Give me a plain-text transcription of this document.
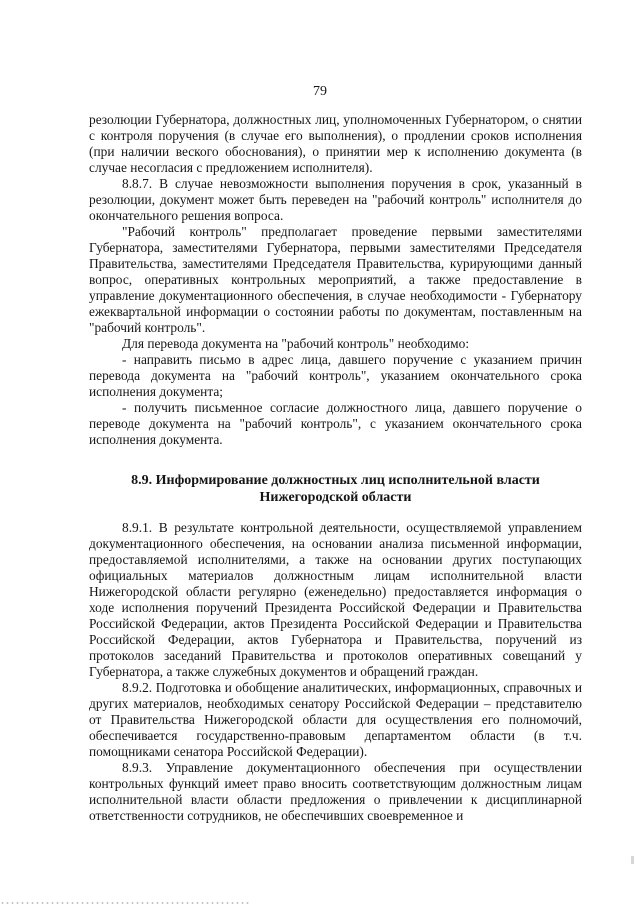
79

резолюции Губернатора, должностных лиц, уполномоченных Губернатором, о снятии с контроля поручения (в случае его выполнения), о продлении сроков исполнения (при наличии веского обоснования), о принятии мер к исполнению документа (в случае несогласия с предложением исполнителя).

8.8.7. В случае невозможности выполнения поручения в срок, указанный в резолюции, документ может быть переведен на "рабочий контроль" исполнителя до окончательного решения вопроса.

"Рабочий контроль" предполагает проведение первыми заместителями Губернатора, заместителями Губернатора, первыми заместителями Председателя Правительства, заместителями Председателя Правительства, курирующими данный вопрос, оперативных контрольных мероприятий, а также предоставление в управление документационного обеспечения, в случае необходимости - Губернатору ежеквартальной информации о состоянии работы по документам, поставленным на "рабочий контроль".

Для перевода документа на "рабочий контроль" необходимо:

- направить письмо в адрес лица, давшего поручение с указанием причин перевода документа на "рабочий контроль", указанием окончательного срока исполнения документа;

- получить письменное согласие должностного лица, давшего поручение о переводе документа на "рабочий контроль", с указанием окончательного срока исполнения документа.

8.9. Информирование должностных лиц исполнительной власти
Нижегородской области

8.9.1. В результате контрольной деятельности, осуществляемой управлением документационного обеспечения, на основании анализа письменной информации, предоставляемой исполнителями, а также на основании других поступающих официальных материалов должностным лицам исполнительной власти Нижегородской области регулярно (еженедельно) предоставляется информация о ходе исполнения поручений Президента Российской Федерации и Правительства Российской Федерации, актов Президента Российской Федерации и Правительства Российской Федерации, актов Губернатора и Правительства, поручений из протоколов заседаний Правительства и протоколов оперативных совещаний у Губернатора, а также служебных документов и обращений граждан.

8.9.2. Подготовка и обобщение аналитических, информационных, справочных и других материалов, необходимых сенатору Российской Федерации – представителю от Правительства Нижегородской области для осуществления его полномочий, обеспечивается государственно-правовым департаментом области (в т.ч. помощниками сенатора Российской Федерации).

8.9.3. Управление документационного обеспечения при осуществлении контрольных функций имеет право вносить соответствующим должностным лицам исполнительной власти области предложения о привлечении к дисциплинарной ответственности сотрудников, не обеспечивших своевременное и
